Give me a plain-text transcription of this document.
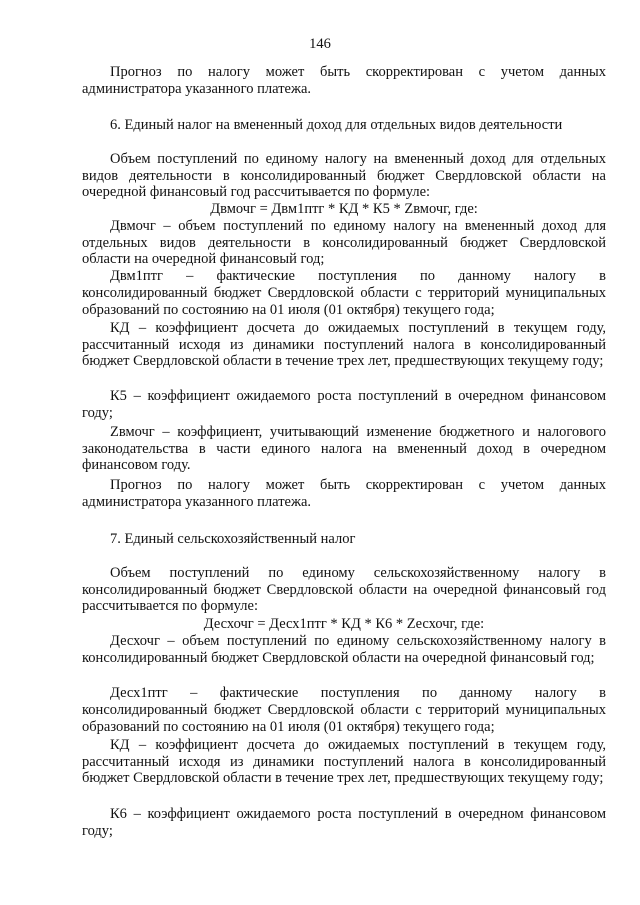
146

Прогноз по налогу может быть скорректирован с учетом данных

администратора указанного платежа.

6. Единый налог на вмененный доход для отдельных видов деятельности

Объем поступлений по единому налогу на вмененный доход для отдельных видов деятельности в консолидированный бюджет Свердловской области на очередной финансовый год рассчитывается по формуле:

Двмочг = Двм1птг * КД * К5 * Zвмочг, где:

Двмочг – объем поступлений по единому налогу на вмененный доход для отдельных видов деятельности в консолидированный бюджет Свердловской области на очередной финансовый год;

Двм1птг – фактические поступления по данному налогу в

консолидированный бюджет Свердловской области с территорий муниципальных образований по состоянию на 01 июля (01 октября) текущего года;

КД – коэффициент досчета до ожидаемых поступлений в текущем году, рассчитанный исходя из динамики поступлений налога в консолидированный бюджет Свердловской области в течение трех лет, предшествующих текущему году;

К5 – коэффициент ожидаемого роста поступлений в очередном финансовом году;

Zвмочг – коэффициент, учитывающий изменение бюджетного и налогового законодательства в части единого налога на вмененный доход в очередном финансовом году.

Прогноз по налогу может быть скорректирован с учетом данных

администратора указанного платежа.

7. Единый сельскохозяйственный налог

Объем поступлений по единому сельскохозяйственному налогу в консолидированный бюджет Свердловской области на очередной финансовый год рассчитывается по формуле:

Десхочг = Десх1птг * КД * К6 * Zесхочг, где:

Десхочг – объем поступлений по единому сельскохозяйственному налогу в консолидированный бюджет Свердловской области на очередной финансовый год;

Десх1птг – фактические поступления по данному налогу в

консолидированный бюджет Свердловской области с территорий муниципальных образований по состоянию на 01 июля (01 октября) текущего года;

КД – коэффициент досчета до ожидаемых поступлений в текущем году, рассчитанный исходя из динамики поступлений налога в консолидированный бюджет Свердловской области в течение трех лет, предшествующих текущему году;

К6 – коэффициент ожидаемого роста поступлений в очередном финансовом году;
